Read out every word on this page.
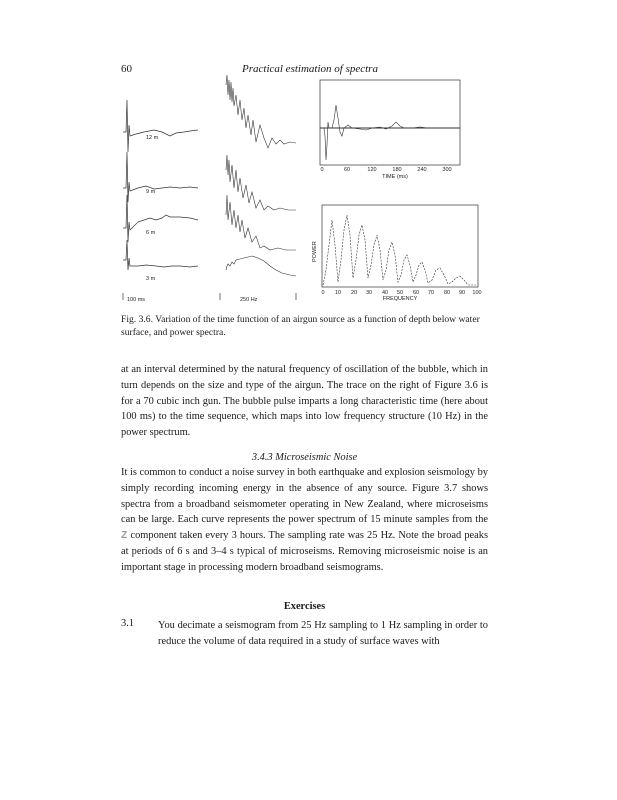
60	Practical estimation of spectra
12 m
9 m
6 m
3 m
100 ms	250 Hz
0	60	120	180	240	300
TIME (ms)
POWER
0 10 20 30 40 50 60 70 80 90 100
FREQUENCY
Fig. 3.6. Variation of the time function of an airgun source as a function of depth below water surface, and power spectra.
at an interval determined by the natural frequency of oscillation of the bubble, which in turn depends on the size and type of the airgun. The trace on the right of Figure 3.6 is for a 70 cubic inch gun. The bubble pulse imparts a long characteristic time (here about 100 ms) to the time sequence, which maps into low frequency structure (10 Hz) in the power spectrum.
3.4.3 Microseismic Noise
It is common to conduct a noise survey in both earthquake and explosion seismology by simply recording incoming energy in the absence of any source. Figure 3.7 shows spectra from a broadband seismometer operating in New Zealand, where microseisms can be large. Each curve represents the power spectrum of 15 minute samples from the Z component taken every 3 hours. The sampling rate was 25 Hz. Note the broad peaks at periods of 6 s and 3–4 s typical of microseisms. Removing microseismic noise is an important stage in processing modern broadband seismograms.
Exercises
3.1 You decimate a seismogram from 25 Hz sampling to 1 Hz sampling in order to reduce the volume of data required in a study of surface waves with
